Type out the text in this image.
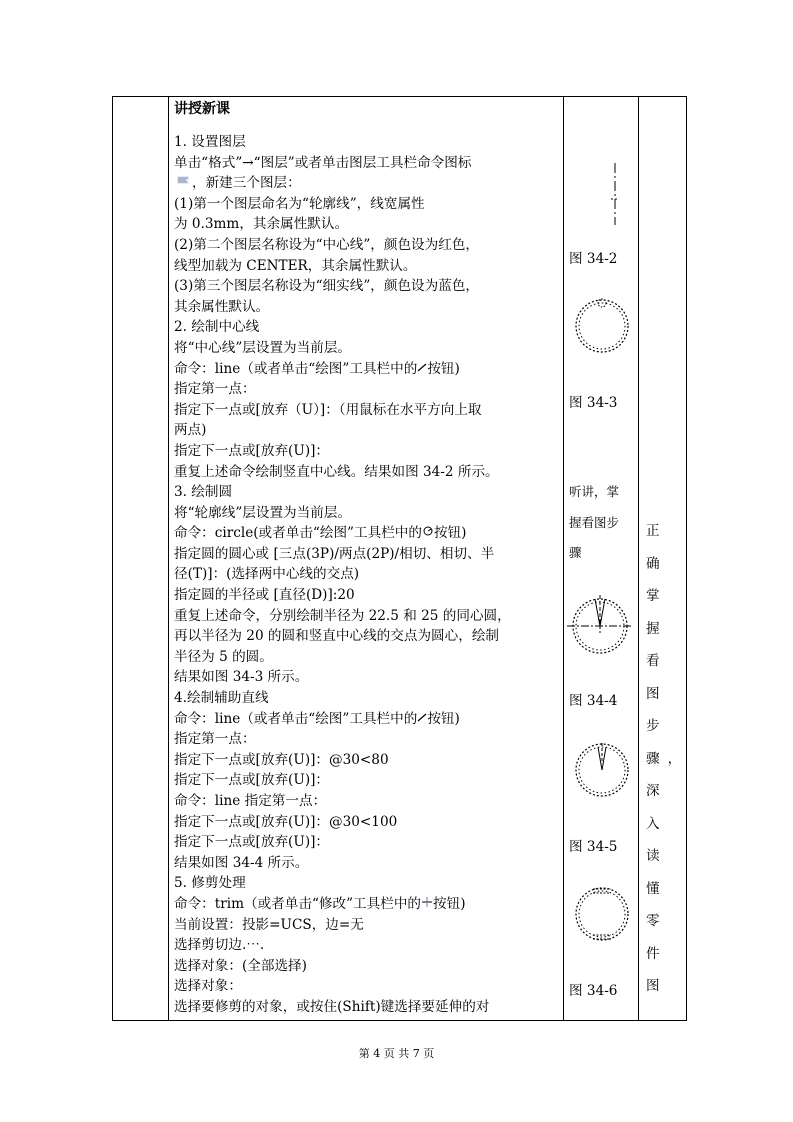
讲授新课
1. 设置图层
单击“格式”→“图层”或者单击图层工具栏命令图标
，新建三个图层：
(1)第一个图层命名为“轮廓线”，线宽属性
为 0.3mm，其余属性默认。
(2)第二个图层名称设为“中心线”，颜色设为红色，
线型加载为 CENTER，其余属性默认。
(3)第三个图层名称设为“细实线”，颜色设为蓝色，
其余属性默认。
2. 绘制中心线
将“中心线”层设置为当前层。
命令：line（或者单击“绘图”工具栏中的 按钮)
指定第一点：
指定下一点或[放弃（U）]：（用鼠标在水平方向上取
两点)
指定下一点或[放弃(U)]：
重复上述命令绘制竖直中心线。结果如图 34-2 所示。
3. 绘制圆
将“轮廓线”层设置为当前层。
命令：circle(或者单击“绘图”工具栏中的 按钮)
指定圆的圆心或 [三点(3P)/两点(2P)/相切、相切、半
径(T)]：(选择两中心线的交点)
指定圆的半径或 [直径(D)]:20
重复上述命令，分别绘制半径为 22.5 和 25 的同心圆，
再以半径为 20 的圆和竖直中心线的交点为圆心，绘制
半径为 5 的圆。
结果如图 34-3 所示。
4.绘制辅助直线
命令：line（或者单击“绘图”工具栏中的 按钮)
指定第一点：
指定下一点或[放弃(U)]：@30<80
指定下一点或[放弃(U)]：
命令：line 指定第一点：
指定下一点或[放弃(U)]：@30<100
指定下一点或[放弃(U)]：
结果如图 34-4 所示。
5. 修剪处理
命令：trim（或者单击“修改”工具栏中的 按钮)
当前设置：投影=UCS，边=无
选择剪切边.⋯.
选择对象：(全部选择)
选择对象：
选择要修剪的对象，或按住(Shift)键选择要延伸的对
图 34-2
图 34-3
听讲，掌握看图步骤
图 34-4
图 34-5
图 34-6
正确掌握看图步骤，深入读懂零件图
第 4 页 共 7 页
